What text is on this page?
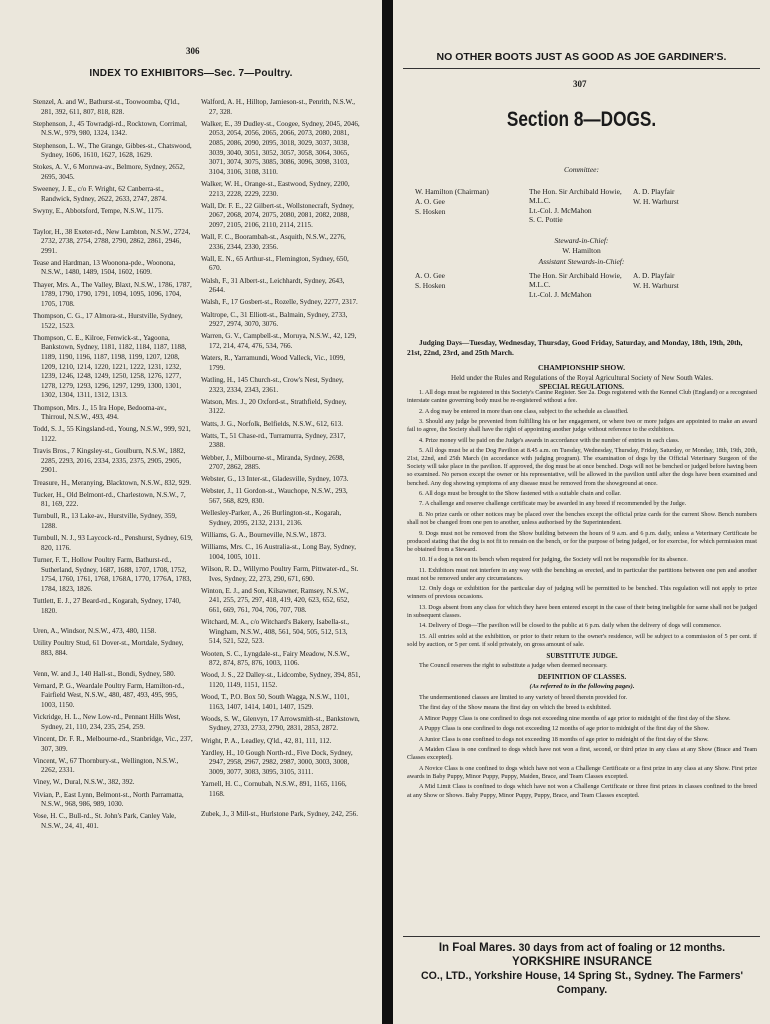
306
INDEX TO EXHIBITORS—Sec. 7—Poultry.
Stenzel, A. and W., Bathurst-st., Toowoomba, Q'ld., 281, 392, 611, 807, 818, 828.
Stephenson, J., 45 Towradgi-rd., Rocktown, Corrimal, N.S.W., 979, 980, 1324, 1342.
Stephenson, L. W., The Grange, Gibbes-st., Chatswood, Sydney, 1606, 1610, 1627, 1628, 1629.
Stokes, A. V., 6 Moruwa-av., Belmore, Sydney, 2652, 2695, 3045.
Sweeney, J. E., c/o F. Wright, 62 Canberra-st., Randwick, Sydney, 2622, 2633, 2747, 2874.
Swyny, E., Abbotsford, Tempe, N.S.W., 1175.
Taylor, H., 38 Exeter-rd., New Lambton, N.S.W., 2724, 2732, 2738, 2754, 2788, 2790, 2862, 2861, 2946, 2991.
Tease and Hardman, 13 Woonona-pde., Woonona, N.S.W., 1480, 1489, 1504, 1602, 1609.
Thayer, Mrs. A., The Valley, Blaxt, N.S.W., 1786, 1787, 1789, 1790, 1790, 1791, 1094, 1095, 1096, 1704, 1705, 1708.
Thompson, C. G., 17 Almora-st., Hurstville, Sydney, 1522, 1523.
Thompson, C. E., Kilroe, Fenwick-st., Yagoona, Bankstown, Sydney, 1181, 1182, 1184, 1187, 1188, 1189, 1190, 1196, 1187, 1198, 1199, 1207, 1208, 1209, 1210, 1214, 1220, 1221, 1222, 1231, 1232, 1239, 1246, 1248, 1249, 1250, 1258, 1276, 1277, 1278, 1279, 1293, 1296, 1297, 1299, 1300, 1301, 1302, 1304, 1311, 1312, 1313.
Thompson, Mrs. J., 15 Ira Hope, Bedooma-av., Thirroul, N.S.W., 493, 494.
Todd, S. J., 55 Kingsland-rd., Young, N.S.W., 999, 921, 1122.
Travis Bros., 7 Kingsley-st., Goulburn, N.S.W., 1882, 2285, 2293, 2016, 2334, 2335, 2375, 2905, 2905, 2901.
Treasure, H., Meranying, Blacktown, N.S.W., 832, 929.
Tucker, H., Old Belmont-rd., Charlestown, N.S.W., 7, 81, 169, 222.
Turnbull, R., 13 Lake-av., Hurstville, Sydney, 359, 1288.
Turnbull, N. J., 93 Laycock-rd., Penshurst, Sydney, 619, 820, 1176.
Turner, F. T., Hollow Poultry Farm, Bathurst-rd., Sutherland, Sydney, 1687, 1688, 1707, 1708, 1752, 1754, 1760, 1761, 1768, 1768A, 1770, 1776A, 1783, 1784, 1823, 1826.
Tuttlett, E. J., 27 Beard-rd., Kogarah, Sydney, 1740, 1820.
Uren, A., Windsor, N.S.W., 473, 480, 1158.
Utility Poultry Stud, 61 Dover-st., Mortdale, Sydney, 883, 884.
Venn, W. and J., 140 Hall-st., Bondi, Sydney, 580.
Vernard, P. G., Weardale Poultry Farm, Hamilton-rd., Fairfield West, N.S.W., 480, 487, 493, 495, 995, 1003, 1150.
Vickridge, H. L., New Low-rd., Pennant Hills West, Sydney, 21, 110, 234, 235, 254, 259.
Vincent, Dr. F. R., Melbourne-rd., Stanbridge, Vic., 237, 307, 309.
Vincent, W., 67 Thornbury-st., Wellington, N.S.W., 2262, 2331.
Viney, W., Dural, N.S.W., 382, 392.
Vivian, P., East Lynn, Belmont-st., North Parramatta, N.S.W., 968, 986, 989, 1030.
Vose, H. C., Bull-rd., St. John's Park, Canley Vale, N.S.W., 24, 41, 401.
Walford, A. H., Hilltop, Jamieson-st., Penrith, N.S.W., 27, 328.
Walker, E., 39 Dudley-st., Coogee, Sydney, 2045, 2046, 2053, 2054, 2056, 2065, 2066, 2073, 2080, 2081, 2085, 2086, 2090, 2095, 3018, 3029, 3037, 3038, 3039, 3040, 3051, 3052, 3057, 3058, 3064, 3065, 3071, 3074, 3075, 3085, 3086, 3096, 3098, 3103, 3104, 3106, 3108, 3110.
Walker, W. H., Orange-st., Eastwood, Sydney, 2200, 2213, 2228, 2229, 2230.
Wall, Dr. F. E., 22 Gilbert-st., Wollstonecraft, Sydney, 2067, 2068, 2074, 2075, 2080, 2081, 2082, 2088, 2097, 2105, 2106, 2110, 2114, 2115.
Wall, F. C., Boorambah-st., Asquith, N.S.W., 2276, 2336, 2344, 2330, 2356.
Wall, E. N., 65 Arthur-st., Flemington, Sydney, 650, 670.
Walsh, F., 31 Albert-st., Leichhardt, Sydney, 2643, 2644.
Walsh, F., 17 Gosbert-st., Rozelle, Sydney, 2277, 2317.
Waltrope, C., 31 Elliott-st., Balmain, Sydney, 2733, 2927, 2974, 3070, 3076.
Warren, G. V., Campbell-st., Moruya, N.S.W., 42, 129, 172, 214, 474, 476, 534, 766.
Waters, R., Yarramundi, Wood Valleck, Vic., 1099, 1799.
Watling, H., 145 Church-st., Crow's Nest, Sydney, 2323, 2334, 2343, 2361.
Watson, Mrs. J., 20 Oxford-st., Strathfield, Sydney, 3122.
Watts, J. G., Norfolk, Belfields, N.S.W., 612, 613.
Watts, T., 51 Chase-rd., Turramurra, Sydney, 2317, 2388.
Webber, J., Milbourne-st., Miranda, Sydney, 2698, 2707, 2862, 2885.
Webster, G., 13 Inter-st., Gladesville, Sydney, 1073.
Webster, J., 11 Gordon-st., Wauchope, N.S.W., 293, 567, 568, 829, 830.
Wellesley-Parker, A., 26 Burlington-st., Kogarah, Sydney, 2095, 2132, 2131, 2136.
Williams, G. A., Bourneville, N.S.W., 1873.
Williams, Mrs. C., 16 Australia-st., Long Bay, Sydney, 1004, 1005, 1011.
Wilson, R. D., Willyrno Poultry Farm, Pittwater-rd., St. Ives, Sydney, 22, 273, 290, 671, 690.
Winton, E. J., and Son, Kilsawner, Ramsey, N.S.W., 241, 255, 275, 297, 418, 419, 420, 623, 652, 652, 661, 669, 761, 704, 706, 707, 708.
Witchard, M. A., c/o Witchard's Bakery, Isabella-st., Wingham, N.S.W., 408, 561, 504, 505, 512, 513, 514, 521, 522, 523.
Wooten, S. C., Lyngdale-st., Fairy Meadow, N.S.W., 872, 874, 875, 876, 1003, 1106.
Wood, J. S., 22 Dalley-st., Lidcombe, Sydney, 394, 851, 1120, 1149, 1151, 1152.
Wood, T., P.O. Box 50, South Wagga, N.S.W., 1101, 1163, 1407, 1414, 1401, 1407, 1529.
Woods, S. W., Glenvyn, 17 Arrowsmith-st., Bankstown, Sydney, 2733, 2733, 2790, 2831, 2853, 2872.
Wright, P. A., Leadley, Q'ld., 42, 81, 111, 112.
Yardley, H., 10 Gough North-rd., Five Dock, Sydney, 2947, 2958, 2967, 2982, 2987, 3000, 3003, 3008, 3009, 3077, 3083, 3095, 3105, 3111.
Yarnell, H. C., Cornubah, N.S.W., 891, 1165, 1166, 1168.
Zubek, J., 3 Mill-st., Hurlstone Park, Sydney, 242, 256.
NO OTHER BOOTS JUST AS GOOD AS JOE GARDINER'S.
307
Section 8—DOGS.
Committee:
W. Hamilton (Chairman)
A. O. Gee
S. Hosken
The Hon. Sir Archibald Howie, M.L.C.
Lt.-Col. J. McMahon
S. C. Pottie
A. D. Playfair
W. H. Warhurst
Steward-in-Chief:
W. Hamilton
Assistant Stewards-in-Chief:
A. O. Gee
S. Hosken
The Hon. Sir Archibald Howie, M.L.C.
Lt.-Col. J. McMahon
A. D. Playfair
W. H. Warhurst
Judging Days—Tuesday, Wednesday, Thursday, Good Friday, Saturday, and Monday, 18th, 19th, 20th, 21st, 22nd, 23rd, and 25th March.
CHAMPIONSHIP SHOW.
Held under the Rules and Regulations of the Royal Agricultural Society of New South Wales.
SPECIAL REGULATIONS.

1. All dogs must be registered in this Society's Canine Register. See 2a. Dogs registered with the Kennel Club (England) or a recognised interstate canine governing body must be re-registered without a fee.

2. A dog may be entered in more than one class, subject to the schedule as classified.

3. Should any judge be prevented from fulfilling his or her engagement, or where two or more judges are appointed to make an award fail to agree, the Society shall have the right of appointing another judge without reference to the exhibitors.

4. Prize money will be paid on the Judge's awards in accordance with the number of entries in each class.

5. All dogs must be at the Dog Pavilion at 8.45 a.m. on Tuesday, Wednesday, Thursday, Friday, Saturday, or Monday, 18th, 19th, 20th, 21st, 22nd, and 25th March (in accordance with judging program). The examination of dogs by the Official Veterinary Surgeon of the Society will take place in the pavilion. If approved, the dog must be at once benched. Dogs will not be benched or judged before having been so examined. No person except the owner or his representative, will be allowed in the pavilion until after the dogs have been examined and benched. Any dog showing symptoms of any disease must be removed from the showground at once.

6. All dogs must be brought to the Show fastened with a suitable chain and collar.

7. A challenge and reserve challenge certificate may be awarded in any breed if recommended by the Judge.

8. No prize cards or other notices may be placed over the benches except the official prize cards for the current Show. Bench numbers shall not be changed from one pen to another, unless authorised by the Superintendent.

9. Dogs must not be removed from the Show building between the hours of 9 a.m. and 6 p.m. daily, unless a Veterinary Certificate be produced stating that the dog is not fit to remain on the bench, or for the purpose of being judged, or for exercise, for which permission must be obtained from a Steward.

10. If a dog is not on its bench when required for judging, the Society will not be responsible for its absence.

11. Exhibitors must not interfere in any way with the benching as erected, and in particular the partitions between one pen and another must not be removed under any circumstances.

12. Only dogs or exhibition for the particular day of judging will be permitted to be benched. This regulation will not apply to prize winners of previous occasions.

13. Dogs absent from any class for which they have been entered except in the case of their being ineligible for same shall not be judged in subsequent classes.

14. Delivery of Dogs—The pavilion will be closed to the public at 6 p.m. daily when the delivery of dogs will commence.

15. All entries sold at the exhibition, or prior to their return to the owner's residence, will be subject to a commission of 5 per cent. if sold by auction, or 5 per cent. if sold privately, on gross amount of sale.

SUBSTITUTE JUDGE.

The Council reserves the right to substitute a judge when deemed necessary.

DEFINITION OF CLASSES.

(As referred to in the following pages).

The undermentioned classes are limited to any variety of breed therein provided for.

The first day of the Show means the first day on which the breed is exhibited.

A Minor Puppy Class is one confined to dogs not exceeding nine months of age prior to midnight of the first day of the Show.

A Puppy Class is one confined to dogs not exceeding 12 months of age prior to midnight of the first day of the Show.

A Junior Class is one confined to dogs not exceeding 18 months of age prior to midnight of the first day of the Show.

A Maiden Class is one confined to dogs which have not won a first, second, or third prize in any class at any Show (Brace and Team Classes excepted).

A Novice Class is one confined to dogs which have not won a Challenge Certificate or a first prize in any class at any Show. First prize awards in Baby Puppy, Minor Puppy, Puppy, Maiden, Brace, and Team Classes excepted.

A Mid Limit Class is confined to dogs which have not won a Challenge Certificate or three first prizes in classes confined to the breed at any Show or Shows. Baby Puppy, Minor Puppy, Puppy, Brace, and Team Classes excepted.

In Foal Mares. 30 days from act of foaling or 12 months. YORKSHIRE INSURANCE
CO., LTD., Yorkshire House, 14 Spring St., Sydney. The Farmers' Company.
